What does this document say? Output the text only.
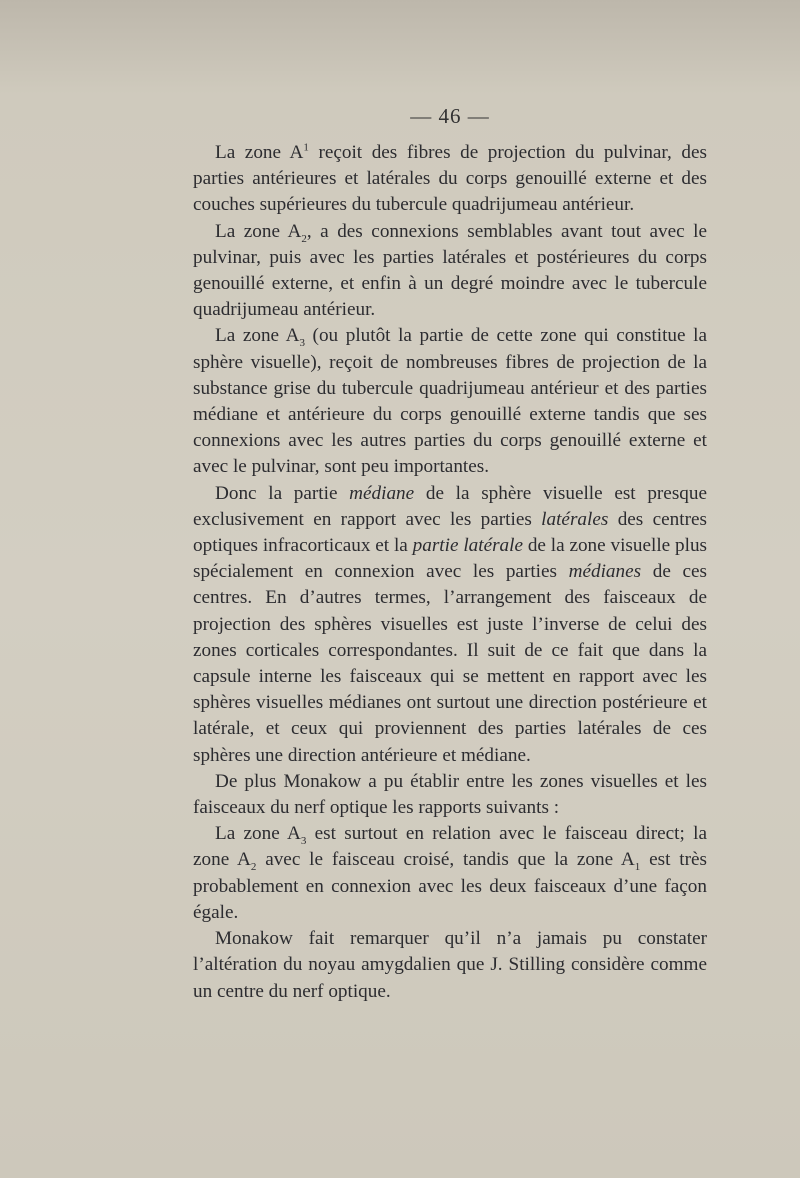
— 46 —

La zone $A^1$ reçoit des fibres de projection du pulvinar, des parties antérieures et latérales du corps genouillé externe et des couches supérieures du tubercule quadrijumeau antérieur.

La zone $A_2$, a des connexions semblables avant tout avec le pulvinar, puis avec les parties latérales et postérieures du corps genouillé externe, et enfin à un degré moindre avec le tubercule quadrijumeau antérieur.

La zone $A_3$ (ou plutôt la partie de cette zone qui constitue la sphère visuelle), reçoit de nombreuses fibres de projection de la substance grise du tubercule quadrijumeau antérieur et des parties médiane et antérieure du corps genouillé externe tandis que ses connexions avec les autres parties du corps genouillé externe et avec le pulvinar, sont peu importantes.

Donc la partie médiane de la sphère visuelle est presque exclusivement en rapport avec les parties latérales des centres optiques infracorticaux et la partie latérale de la zone visuelle plus spécialement en connexion avec les parties médianes de ces centres. En d’autres termes, l’arrangement des faisceaux de projection des sphères visuelles est juste l’inverse de celui des zones corticales correspondantes. Il suit de ce fait que dans la capsule interne les faisceaux qui se mettent en rapport avec les sphères visuelles médianes ont surtout une direction postérieure et latérale, et ceux qui proviennent des parties latérales de ces sphères une direction antérieure et médiane.

De plus Monakow a pu établir entre les zones visuelles et les faisceaux du nerf optique les rapports suivants :

La zone $A_3$ est surtout en relation avec le faisceau direct; la zone $A_2$ avec le faisceau croisé, tandis que la zone $A_1$ est très probablement en connexion avec les deux faisceaux d’une façon égale.

Monakow fait remarquer qu’il n’a jamais pu constater l’altération du noyau amygdalien que J. Stilling considère comme un centre du nerf optique.
